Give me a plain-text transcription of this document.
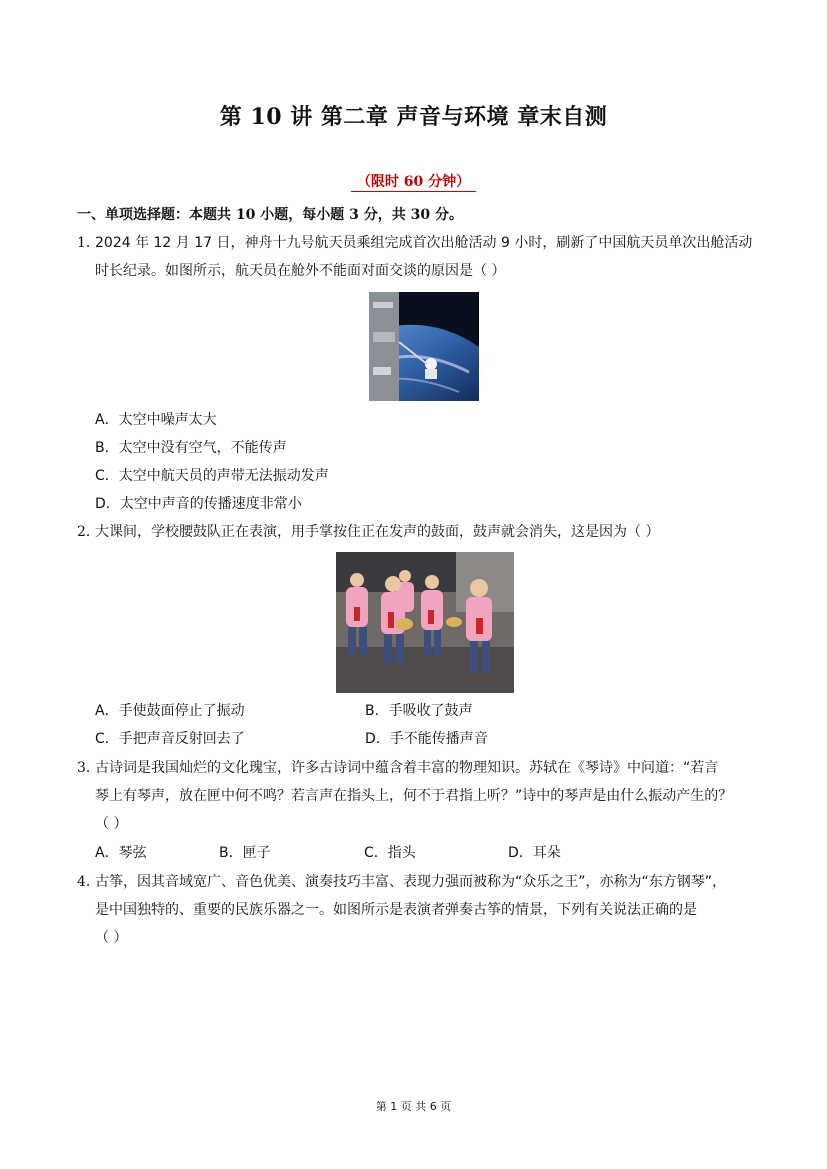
第 10 讲 第二章 声音与环境 章末自测
（限时 60 分钟）
一、单项选择题：本题共 10 小题，每小题 3 分，共 30 分。
1．
2024 年 12 月 17 日，神舟十九号航天员乘组完成首次出舱活动 9 小时，刷新了中国航天员单次出舱活动
时长纪录。如图所示，航天员在舱外不能面对面交谈的原因是（ ）
A．太空中噪声太大
B．太空中没有空气，不能传声
C．太空中航天员的声带无法振动发声
D．太空中声音的传播速度非常小
2．
大课间，学校腰鼓队正在表演，用手掌按住正在发声的鼓面，鼓声就会消失，这是因为（ ）
A．手使鼓面停止了振动	B．手吸收了鼓声
C．手把声音反射回去了	D．手不能传播声音
3．
古诗词是我国灿烂的文化瑰宝，许多古诗词中蕴含着丰富的物理知识。苏轼在《琴诗》中问道：“若言
琴上有琴声，放在匣中何不鸣？若言声在指头上，何不于君指上听？”诗中的琴声是由什么振动产生的？
（ ）
A．琴弦	B．匣子	C．指头	D．耳朵
4．
古筝，因其音域宽广、音色优美、演奏技巧丰富、表现力强而被称为“众乐之王”，亦称为“东方钢琴”，
是中国独特的、重要的民族乐器之一。如图所示是表演者弹奏古筝的情景，下列有关说法正确的是
（ ）
第 1 页 共 6 页
